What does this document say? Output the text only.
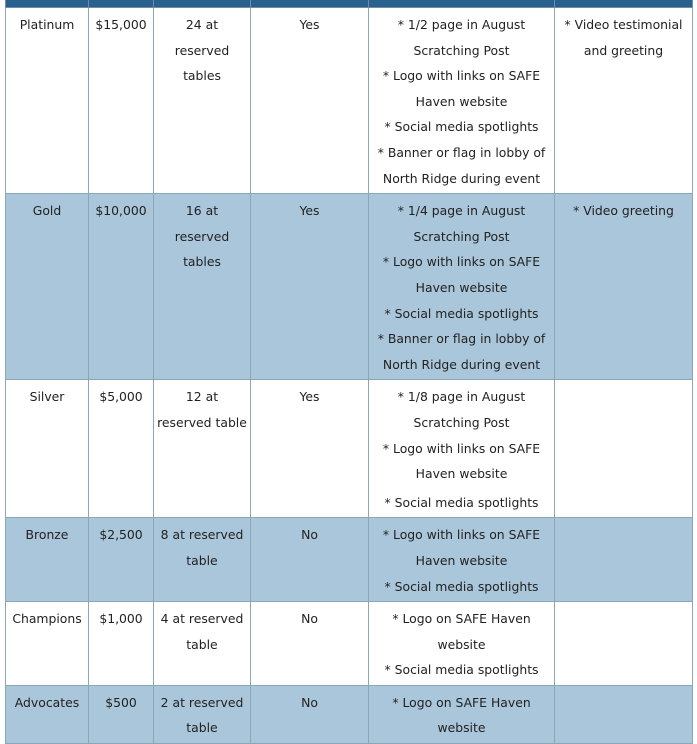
Platinum	$15,000	24 at reserved tables	Yes	* 1/2 page in August Scratching Post
* Logo with links on SAFE Haven website
* Social media spotlights
* Banner or flag in lobby of North Ridge during event	* Video testimonial and greeting
Gold	$10,000	16 at reserved tables	Yes	* 1/4 page in August Scratching Post
* Logo with links on SAFE Haven website
* Social media spotlights
* Banner or flag in lobby of North Ridge during event	* Video greeting
Silver	$5,000	12 at reserved table	Yes	* 1/8 page in August Scratching Post
* Logo with links on SAFE Haven website
* Social media spotlights	

Bronze	$2,500	8 at reserved table	No	* Logo with links on SAFE Haven website
* Social media spotlights	

Champions	$1,000	4 at reserved table	No	* Logo on SAFE Haven website
* Social media spotlights	

Advocates	$500	2 at reserved table	No	* Logo on SAFE Haven website	
